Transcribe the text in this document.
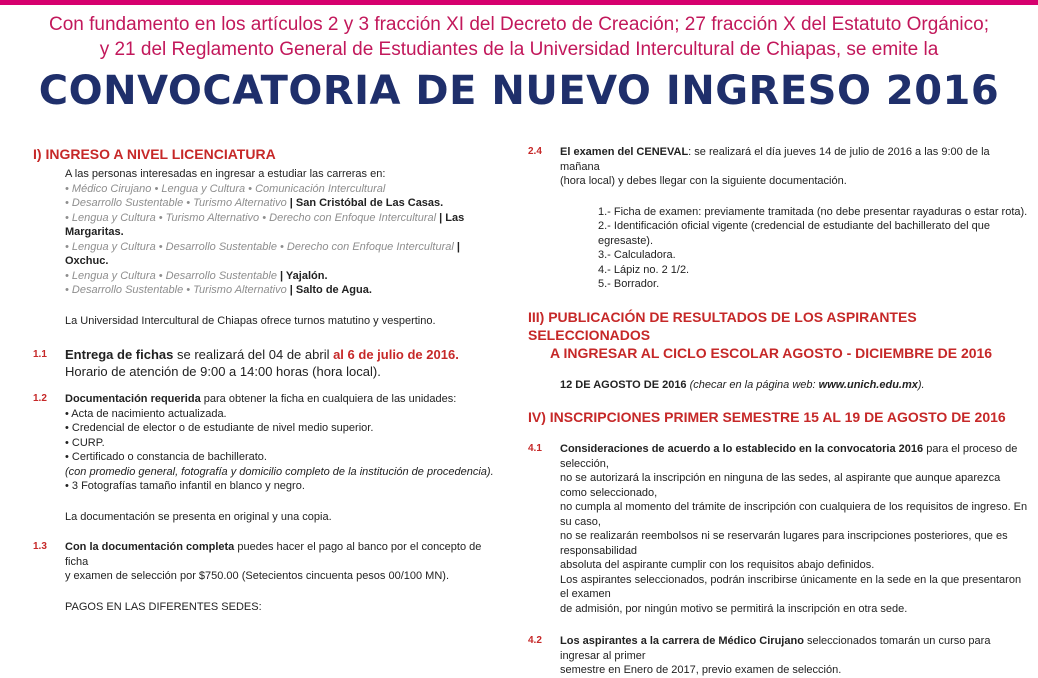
Con fundamento en los artículos 2 y 3 fracción XI del Decreto de Creación; 27 fracción X del Estatuto Orgánico;
y 21 del Reglamento General de Estudiantes de la Universidad Intercultural de Chiapas, se emite la
CONVOCATORIA DE NUEVO INGRESO 2016
I) INGRESO A NIVEL LICENCIATURA
A las personas interesadas en ingresar a estudiar las carreras en:
• Médico Cirujano • Lengua y Cultura • Comunicación Intercultural
• Desarrollo Sustentable • Turismo Alternativo | San Cristóbal de Las Casas.
• Lengua y Cultura • Turismo Alternativo • Derecho con Enfoque Intercultural | Las Margaritas.
• Lengua y Cultura • Desarrollo Sustentable • Derecho con Enfoque Intercultural | Oxchuc.
• Lengua y Cultura • Desarrollo Sustentable | Yajalón.
• Desarrollo Sustentable • Turismo Alternativo | Salto de Agua.
La Universidad Intercultural de Chiapas ofrece turnos matutino y vespertino.
1.1 Entrega de fichas se realizará del 04 de abril al 6 de julio de 2016.
Horario de atención de 9:00 a 14:00 horas (hora local).
1.2 Documentación requerida para obtener la ficha en cualquiera de las unidades:
• Acta de nacimiento actualizada.
• Credencial de elector o de estudiante de nivel medio superior.
• CURP.
• Certificado o constancia de bachillerato.
(con promedio general, fotografía y domicilio completo de la institución de procedencia).
• 3 Fotografías tamaño infantil en blanco y negro.
La documentación se presenta en original y una copia.
1.3 Con la documentación completa puedes hacer el pago al banco por el concepto de ficha
y examen de selección por $750.00 (Setecientos cincuenta pesos 00/100 MN).
PAGOS EN LAS DIFERENTES SEDES:
2.4 El examen del CENEVAL: se realizará el día jueves 14 de julio de 2016 a las 9:00 de la mañana
(hora local) y debes llegar con la siguiente documentación.
1.- Ficha de examen: previamente tramitada (no debe presentar rayaduras o estar rota).
2.- Identificación oficial vigente (credencial de estudiante del bachillerato del que egresaste).
3.- Calculadora.
4.- Lápiz no. 2 1/2.
5.- Borrador.
III) PUBLICACIÓN DE RESULTADOS DE LOS ASPIRANTES SELECCIONADOS
A INGRESAR AL CICLO ESCOLAR AGOSTO - DICIEMBRE DE 2016
12 DE AGOSTO DE 2016 (checar en la página web: www.unich.edu.mx).
IV) INSCRIPCIONES PRIMER SEMESTRE 15 AL 19 DE AGOSTO DE 2016
4.1 Consideraciones de acuerdo a lo establecido en la convocatoria 2016 para el proceso de selección,
no se autorizará la inscripción en ninguna de las sedes, al aspirante que aunque aparezca como seleccionado,
no cumpla al momento del trámite de inscripción con cualquiera de los requisitos de ingreso. En su caso,
no se realizarán reembolsos ni se reservarán lugares para inscripciones posteriores, que es responsabilidad
absoluta del aspirante cumplir con los requisitos abajo definidos.
Los aspirantes seleccionados, podrán inscribirse únicamente en la sede en la que presentaron el examen
de admisión, por ningún motivo se permitirá la inscripción en otra sede.
4.2 Los aspirantes a la carrera de Médico Cirujano seleccionados tomarán un curso para ingresar al primer
semestre en Enero de 2017, previo examen de selección.
